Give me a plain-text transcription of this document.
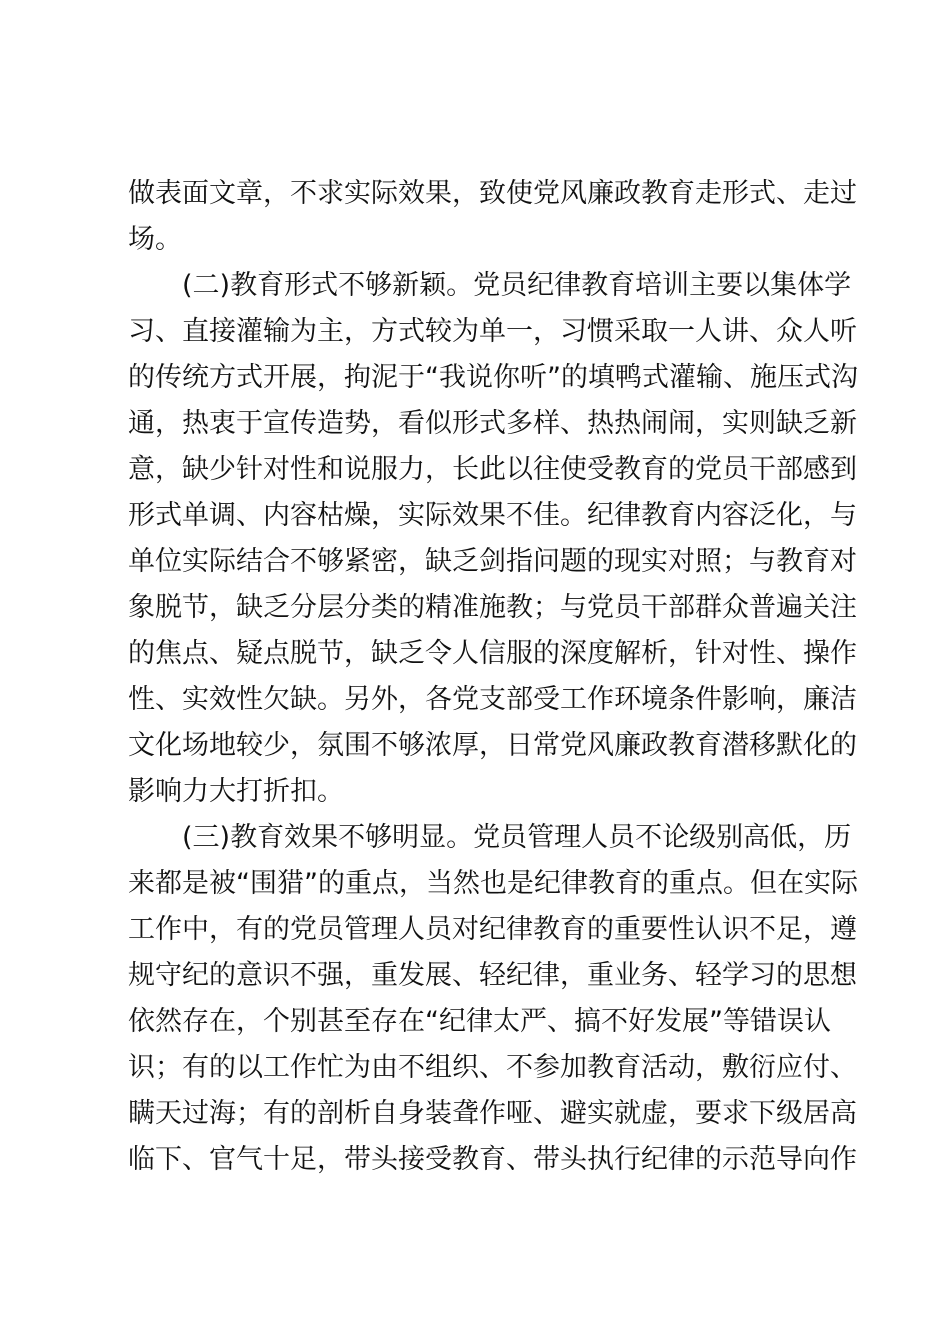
做表面文章，不求实际效果，致使党风廉政教育走形式、走过
场。
(二)教育形式不够新颖。党员纪律教育培训主要以集体学
习、直接灌输为主，方式较为单一，习惯采取一人讲、众人听
的传统方式开展，拘泥于“我说你听”的填鸭式灌输、施压式沟
通，热衷于宣传造势，看似形式多样、热热闹闹，实则缺乏新
意，缺少针对性和说服力，长此以往使受教育的党员干部感到
形式单调、内容枯燥，实际效果不佳。纪律教育内容泛化，与
单位实际结合不够紧密，缺乏剑指问题的现实对照；与教育对
象脱节，缺乏分层分类的精准施教；与党员干部群众普遍关注
的焦点、疑点脱节，缺乏令人信服的深度解析，针对性、操作
性、实效性欠缺。另外，各党支部受工作环境条件影响，廉洁
文化场地较少，氛围不够浓厚，日常党风廉政教育潜移默化的
影响力大打折扣。
(三)教育效果不够明显。党员管理人员不论级别高低，历
来都是被“围猎”的重点，当然也是纪律教育的重点。但在实际
工作中，有的党员管理人员对纪律教育的重要性认识不足，遵
规守纪的意识不强，重发展、轻纪律，重业务、轻学习的思想
依然存在，个别甚至存在“纪律太严、搞不好发展”等错误认
识；有的以工作忙为由不组织、不参加教育活动，敷衍应付、
瞒天过海；有的剖析自身装聋作哑、避实就虚，要求下级居高
临下、官气十足，带头接受教育、带头执行纪律的示范导向作
